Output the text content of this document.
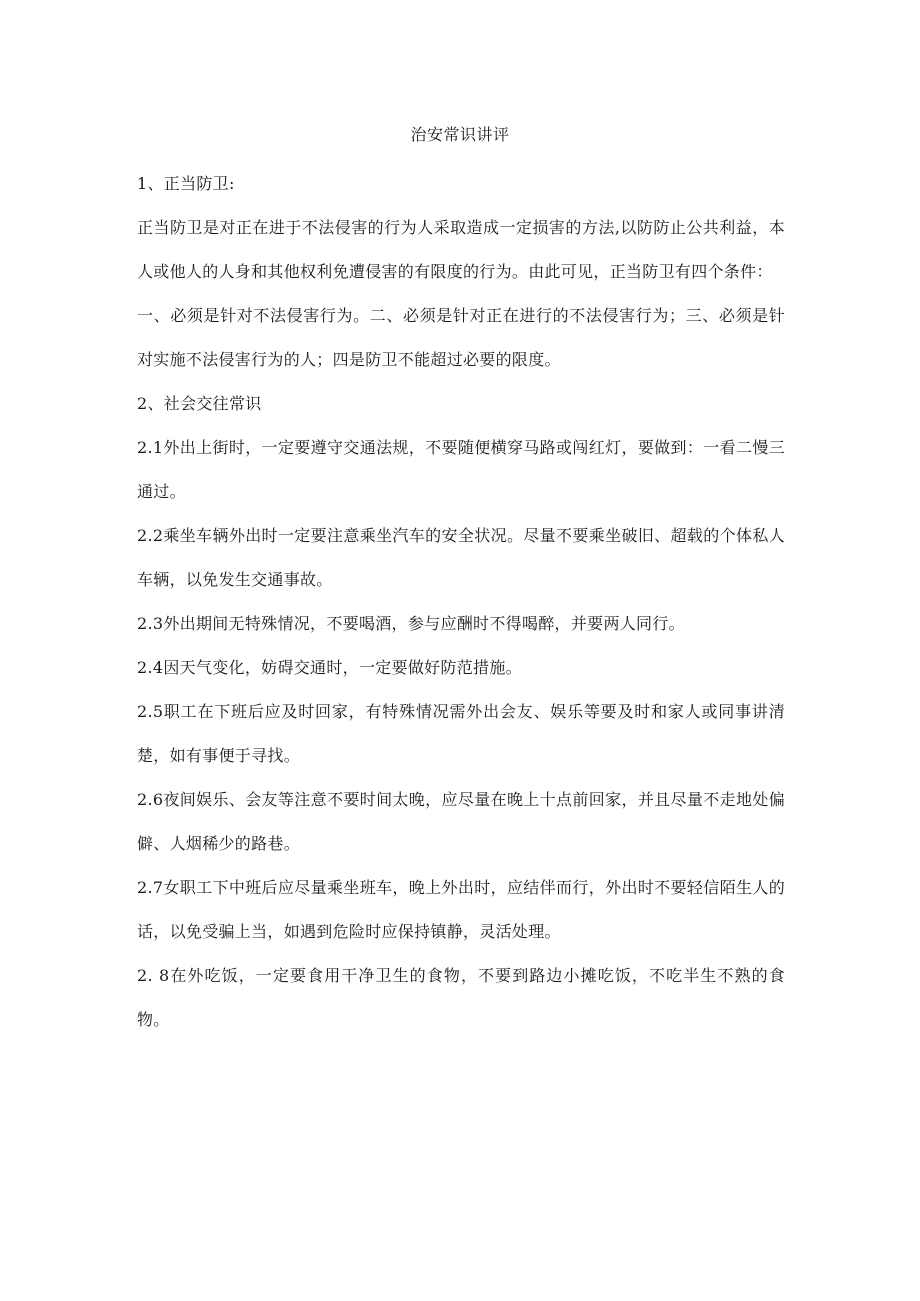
治安常识讲评

1、正当防卫:

正当防卫是对正在进于不法侵害的行为人采取造成一定损害的方法,以防防止公共利益，本人或他人的人身和其他权利免遭侵害的有限度的行为。由此可见，正当防卫有四个条件：

一、必须是针对不法侵害行为。二、必须是针对正在进行的不法侵害行为；三、必须是针对实施不法侵害行为的人；四是防卫不能超过必要的限度。

2、社会交往常识

2.1外出上街时，一定要遵守交通法规，不要随便横穿马路或闯红灯，要做到：一看二慢三通过。

2.2乘坐车辆外出时一定要注意乘坐汽车的安全状况。尽量不要乘坐破旧、超载的个体私人车辆，以免发生交通事故。

2.3外出期间无特殊情况，不要喝酒，参与应酬时不得喝醉，并要两人同行。

2.4因天气变化，妨碍交通时，一定要做好防范措施。

2.5职工在下班后应及时回家，有特殊情况需外出会友、娱乐等要及时和家人或同事讲清楚，如有事便于寻找。

2.6夜间娱乐、会友等注意不要时间太晚，应尽量在晚上十点前回家，并且尽量不走地处偏僻、人烟稀少的路巷。

2.7女职工下中班后应尽量乘坐班车，晚上外出时，应结伴而行，外出时不要轻信陌生人的话，以免受骗上当，如遇到危险时应保持镇静，灵活处理。

2. 8在外吃饭，一定要食用干净卫生的食物，不要到路边小摊吃饭，不吃半生不熟的食物。
